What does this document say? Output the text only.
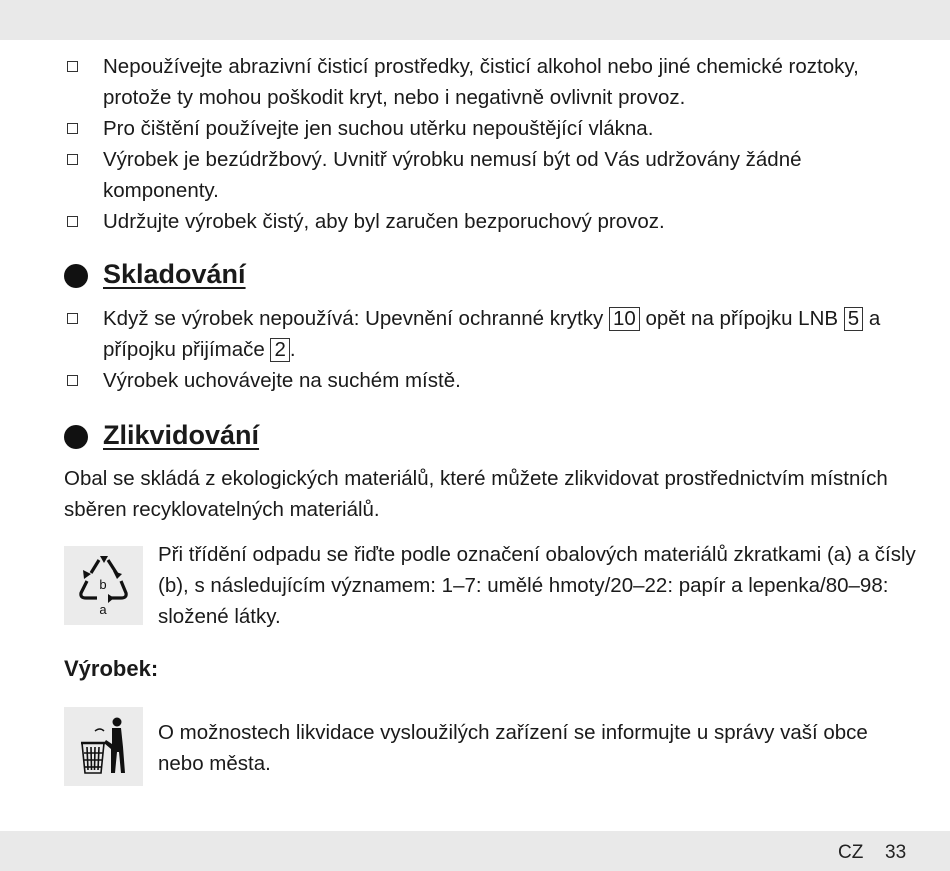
Nepoužívejte abrazivní čisticí prostředky, čisticí alkohol nebo jiné chemické roztoky, protože ty mohou poškodit kryt, nebo i negativně ovlivnit provoz.
Pro čištění používejte jen suchou utěrku nepouštějící vlákna.
Výrobek je bezúdržbový. Uvnitř výrobku nemusí být od Vás udržovány žádné komponenty.
Udržujte výrobek čistý, aby byl zaručen bezporuchový provoz.
Skladování
Když se výrobek nepoužívá: Upevnění ochranné krytky 10 opět na přípojku LNB 5 a přípojku přijímače 2 .
Výrobek uchovávejte na suchém místě.
Zlikvidování
Obal se skládá z ekologických materiálů, které můžete zlikvidovat prostřednictvím místních sběren recyklovatelných materiálů.
b
a
Při třídění odpadu se řiďte podle označení obalových materiálů zkratkami (a) a čísly (b), s následujícím významem: 1–7: umělé hmoty/20–22: papír a lepenka/80–98: složené látky.
Výrobek:
O možnostech likvidace vysloužilých zařízení se informujte u správy vaší obce nebo města.
CZ 33
